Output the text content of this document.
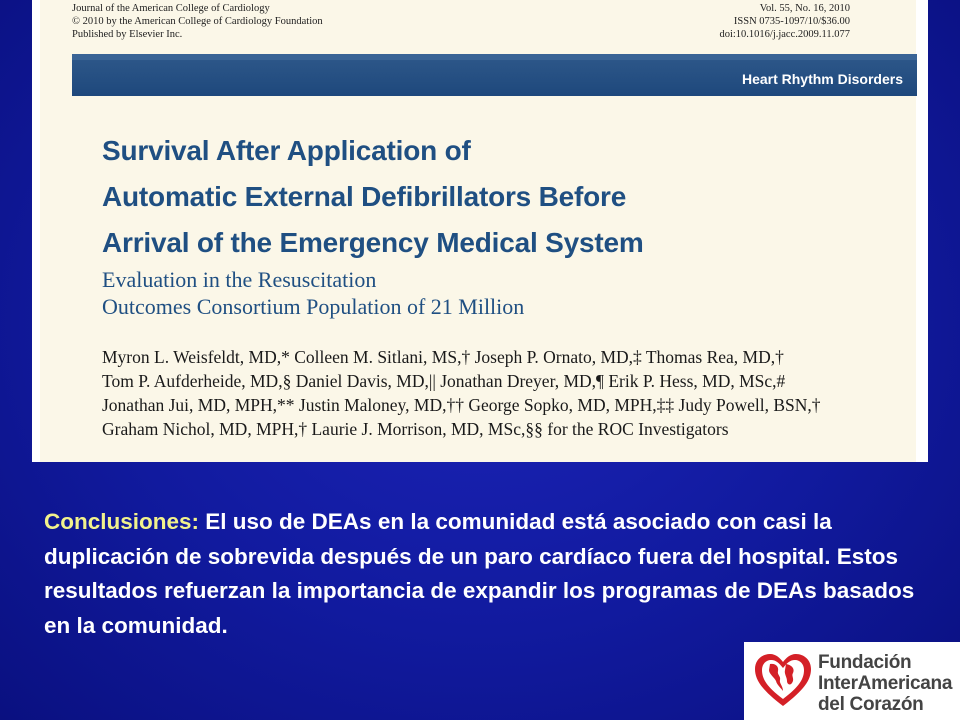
Journal of the American College of Cardiology
© 2010 by the American College of Cardiology Foundation
Published by Elsevier Inc.
Vol. 55, No. 16, 2010
ISSN 0735-1097/10/$36.00
doi:10.1016/j.jacc.2009.11.077
Heart Rhythm Disorders
Survival After Application of
Automatic External Defibrillators Before
Arrival of the Emergency Medical System
Evaluation in the Resuscitation
Outcomes Consortium Population of 21 Million
Myron L. Weisfeldt, MD,* Colleen M. Sitlani, MS,† Joseph P. Ornato, MD,‡ Thomas Rea, MD,†
Tom P. Aufderheide, MD,§ Daniel Davis, MD,|| Jonathan Dreyer, MD,¶ Erik P. Hess, MD, MSc,#
Jonathan Jui, MD, MPH,** Justin Maloney, MD,†† George Sopko, MD, MPH,‡‡ Judy Powell, BSN,†
Graham Nichol, MD, MPH,† Laurie J. Morrison, MD, MSc,§§ for the ROC Investigators
Conclusiones: El uso de DEAs en la comunidad está asociado con casi la duplicación de sobrevida después de un paro cardíaco fuera del hospital. Estos resultados refuerzan la importancia de expandir los programas de DEAs basados en la comunidad.
Fundación
InterAmericana
del Corazón
